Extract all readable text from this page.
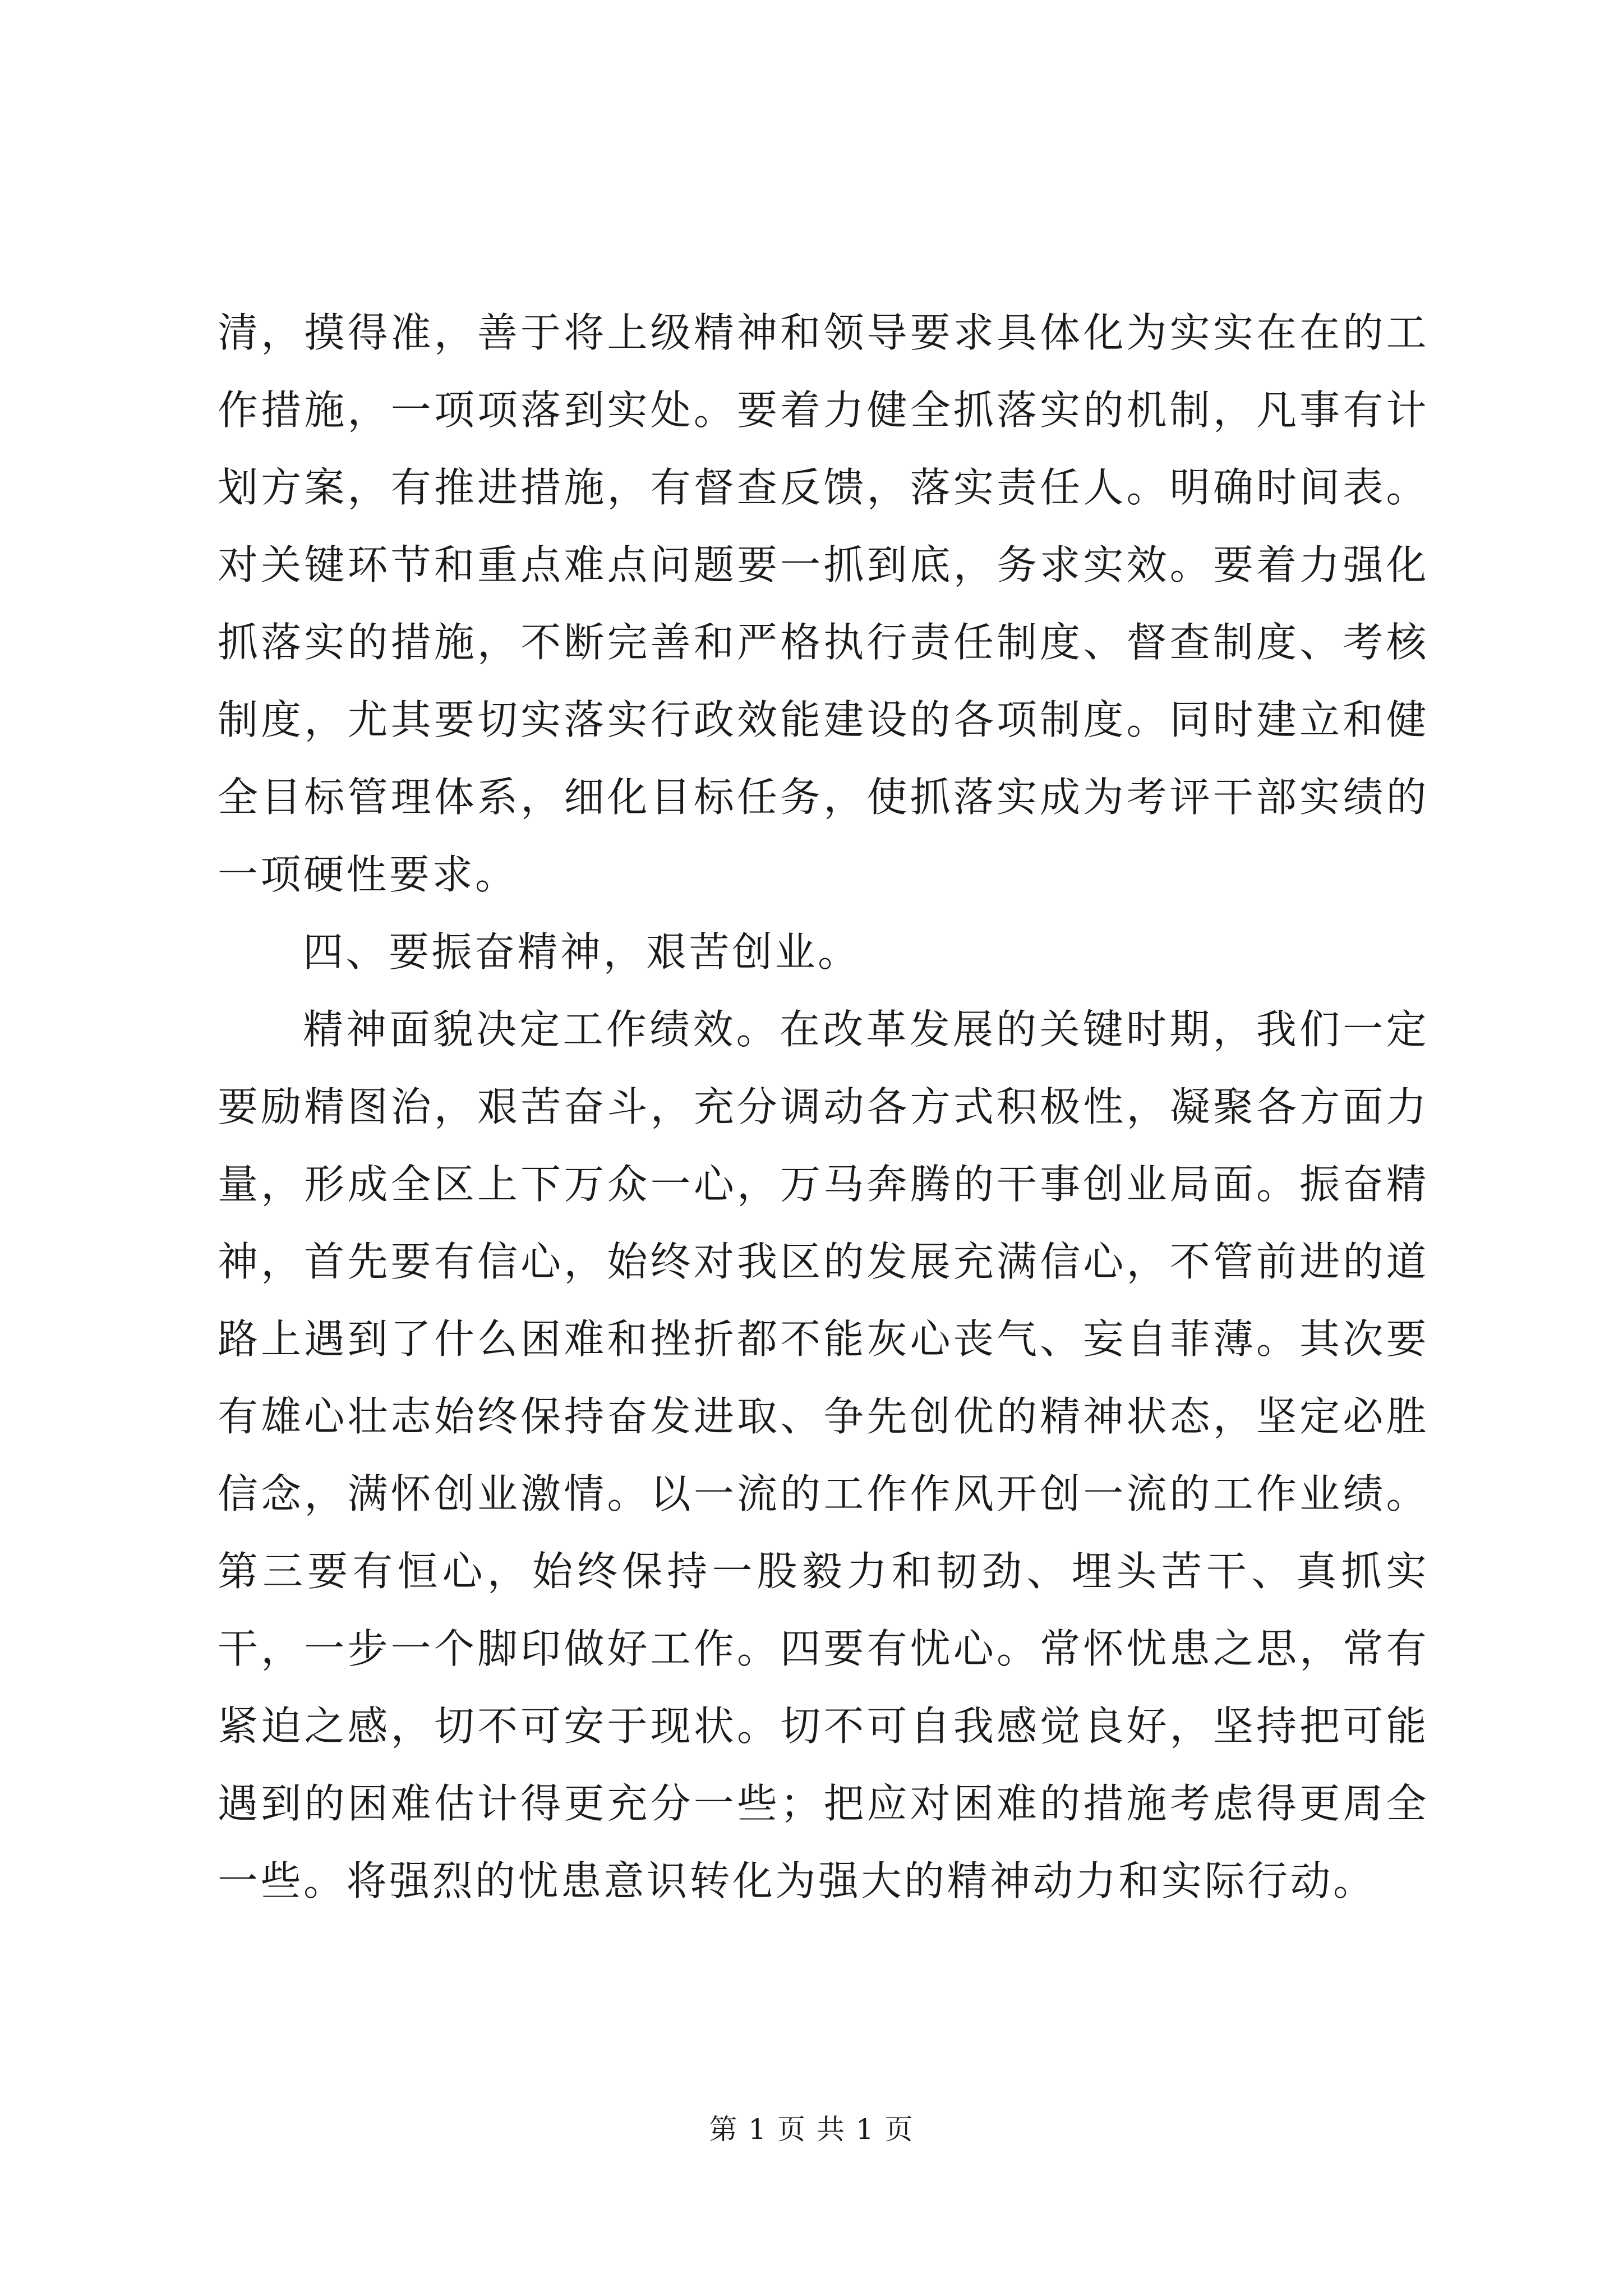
清，摸得准，善于将上级精神和领导要求具体化为实实在在的工作措施，一项项落到实处。要着力健全抓落实的机制，凡事有计划方案，有推进措施，有督查反馈，落实责任人。明确时间表。对关键环节和重点难点问题要一抓到底，务求实效。要着力强化抓落实的措施，不断完善和严格执行责任制度、督查制度、考核制度，尤其要切实落实行政效能建设的各项制度。同时建立和健全目标管理体系，细化目标任务，使抓落实成为考评干部实绩的一项硬性要求。

四、要振奋精神，艰苦创业。

精神面貌决定工作绩效。在改革发展的关键时期，我们一定要励精图治，艰苦奋斗，充分调动各方式积极性，凝聚各方面力量，形成全区上下万众一心，万马奔腾的干事创业局面。振奋精神，首先要有信心，始终对我区的发展充满信心，不管前进的道路上遇到了什么困难和挫折都不能灰心丧气、妄自菲薄。其次要有雄心壮志始终保持奋发进取、争先创优的精神状态，坚定必胜信念，满怀创业激情。以一流的工作作风开创一流的工作业绩。第三要有恒心，始终保持一股毅力和韧劲、埋头苦干、真抓实干，一步一个脚印做好工作。四要有忧心。常怀忧患之思，常有紧迫之感，切不可安于现状。切不可自我感觉良好，坚持把可能遇到的困难估计得更充分一些；把应对困难的措施考虑得更周全一些。将强烈的忧患意识转化为强大的精神动力和实际行动。

第 1 页 共 1 页
